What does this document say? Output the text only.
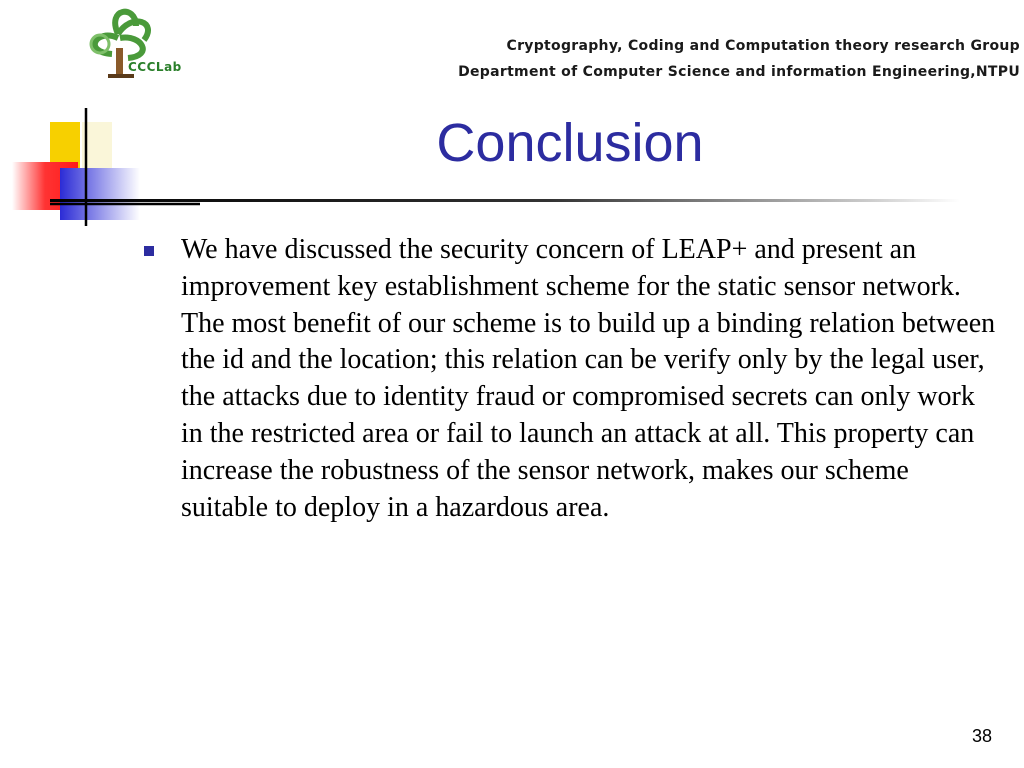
CCCLab
Cryptography, Coding and Computation theory research Group
Department of Computer Science and information Engineering,NTPU
Conclusion
We have discussed the security concern of LEAP+ and present an improvement key establishment scheme for the static sensor network. The most benefit of our scheme is to build up a binding relation between the id and the location; this relation can be verify only by the legal user, the attacks due to identity fraud or compromised secrets can only work in the restricted area or fail to launch an attack at all. This property can increase the robustness of the sensor network, makes our scheme suitable to deploy in a hazardous area.
38
